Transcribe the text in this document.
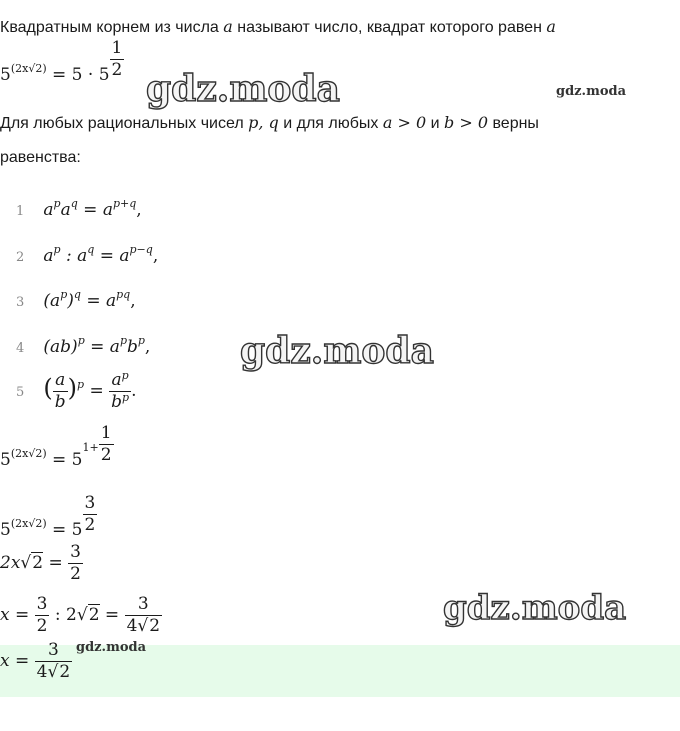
Квадратным корнем из числа a называют число, квадрат которого равен a
$5^{(2x√2)} = 5 \cdot 5 \frac{1}{2}$
gdz.moda	gdz.moda
Для любых рациональных чисел p, q и для любых a > 0 и b > 0 верны
равенства:
1 $a^pa^q = a^{p+q}$,
2 $a^p$ : $a^q = a^{p-q}$,
3 $(a^p)^q = a^{pq}$,
4 $(ab)^p = a^pb^p$,
5 ( $\frac{a}{b} )^p = \frac{a^p}{b^p}$ .
gdz.moda
$5^{(2x√2)} = 5^{1+} \frac{1}{2}$
$5^{(2x√2)} = 5 \frac{3}{2}$
$2x√2 = \frac{3}{2}$
$x = \frac{3}{2}$ : $2√2 = \frac{3}{4√2}$	gdz.moda
$x = \frac{3}{4√2}$ gdz.moda
